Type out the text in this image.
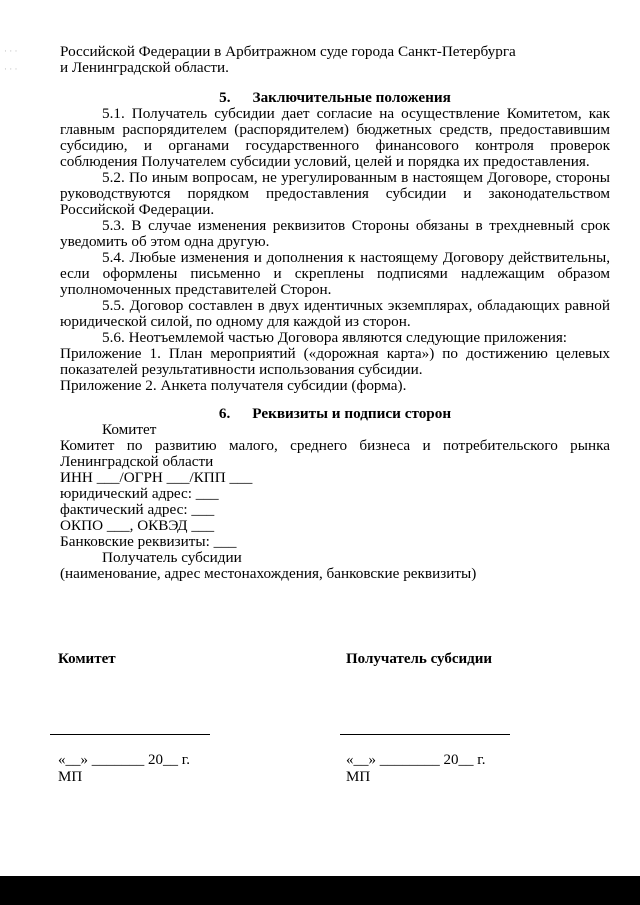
· · ·
· · ·

Российской Федерации в Арбитражном суде города Санкт-Петербурга

и Ленинградской области.

5. Заключительные положения

5.1. Получатель субсидии дает согласие на осуществление Комитетом, как главным распорядителем (распорядителем) бюджетных средств, предоставившим субсидию, и органами государственного финансового контроля проверок соблюдения Получателем субсидии условий, целей и порядка их предоставления.

5.2. По иным вопросам, не урегулированным в настоящем Договоре, стороны руководствуются порядком предоставления субсидии и законодательством Российской Федерации.

5.3. В случае изменения реквизитов Стороны обязаны в трехдневный срок уведомить об этом одна другую.

5.4. Любые изменения и дополнения к настоящему Договору действительны, если оформлены письменно и скреплены подписями надлежащим образом уполномоченных представителей Сторон.

5.5. Договор составлен в двух идентичных экземплярах, обладающих равной юридической силой, по одному для каждой из сторон.

5.6. Неотъемлемой частью Договора являются следующие приложения:

Приложение 1. План мероприятий («дорожная карта») по достижению целевых показателей результативности использования субсидии.

Приложение 2. Анкета получателя субсидии (форма).

6. Реквизиты и подписи сторон

Комитет

Комитет по развитию малого, среднего бизнеса и потребительского рынка Ленинградской области

ИНН ___/ОГРН ___/КПП ___

юридический адрес: ___

фактический адрес: ___

ОКПО ___, ОКВЭД ___

Банковские реквизиты: ___

Получатель субсидии

(наименование, адрес местонахождения, банковские реквизиты)

Комитет	Получатель субсидии
«__» _______ 20__ г.	«__» ________ 20__ г.
МП	МП
